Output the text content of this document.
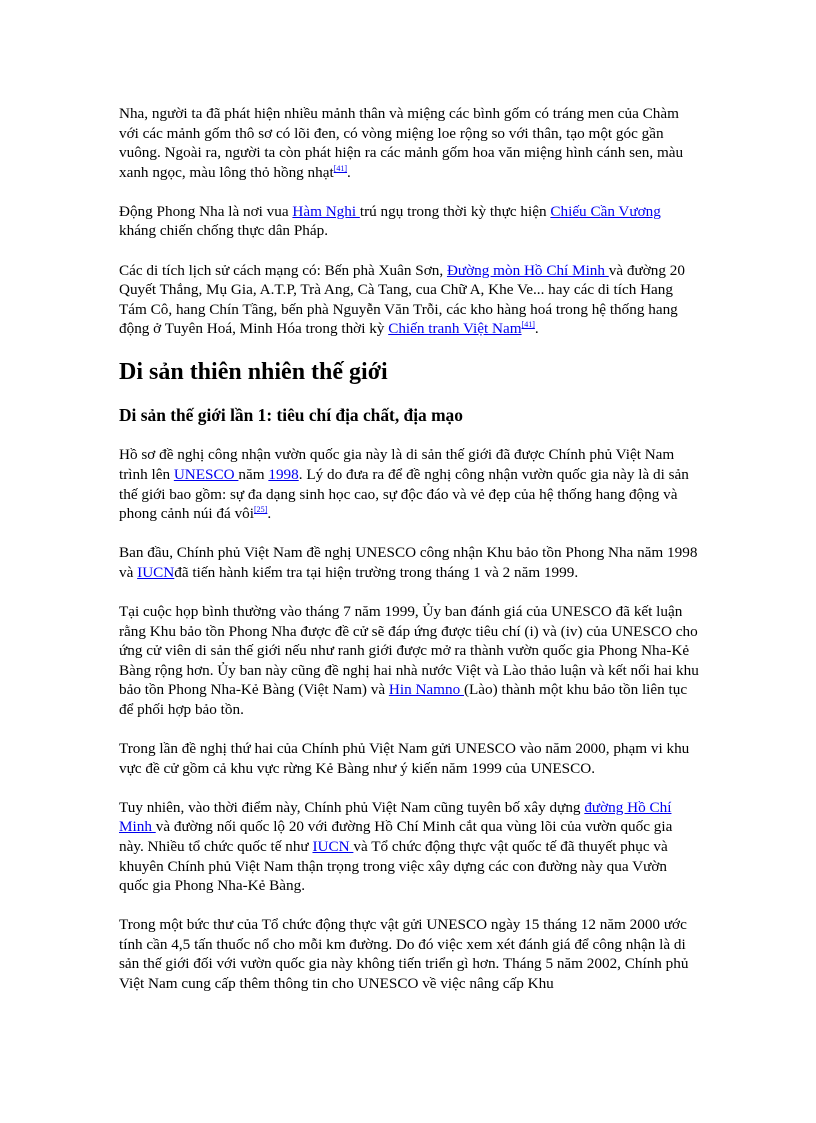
Nha, người ta đã phát hiện nhiều mảnh thân và miệng các bình gốm có tráng men của Chàm với các mảnh gốm thô sơ có lõi đen, có vòng miệng loe rộng so với thân, tạo một góc gần vuông. Ngoài ra, người ta còn phát hiện ra các mảnh gốm hoa văn miệng hình cánh sen, màu xanh ngọc, màu lông thỏ hồng nhạt[41].

Động Phong Nha là nơi vua Hàm Nghi trú ngụ trong thời kỳ thực hiện Chiếu Cần Vương kháng chiến chống thực dân Pháp.

Các di tích lịch sử cách mạng có: Bến phà Xuân Sơn, Đường mòn Hồ Chí Minh và đường 20 Quyết Thắng, Mụ Gia, A.T.P, Trà Ang, Cà Tang, cua Chữ A, Khe Ve... hay các di tích Hang Tám Cô, hang Chín Tầng, bến phà Nguyễn Văn Trỗi, các kho hàng hoá trong hệ thống hang động ở Tuyên Hoá, Minh Hóa trong thời kỳ Chiến tranh Việt Nam[41].

Di sản thiên nhiên thế giới
Di sản thế giới lần 1: tiêu chí địa chất, địa mạo

Hồ sơ đề nghị công nhận vườn quốc gia này là di sản thế giới đã được Chính phủ Việt Nam trình lên UNESCO năm 1998. Lý do đưa ra để đề nghị công nhận vườn quốc gia này là di sản thế giới bao gồm: sự đa dạng sinh học cao, sự độc đáo và vẻ đẹp của hệ thống hang động và phong cảnh núi đá vôi[25].

Ban đầu, Chính phủ Việt Nam đề nghị UNESCO công nhận Khu bảo tồn Phong Nha năm 1998 và IUCNđã tiến hành kiểm tra tại hiện trường trong tháng 1 và 2 năm 1999.

Tại cuộc họp bình thường vào tháng 7 năm 1999, Ủy ban đánh giá của UNESCO đã kết luận rằng Khu bảo tồn Phong Nha được đề cử sẽ đáp ứng được tiêu chí (i) và (iv) của UNESCO cho ứng cử viên di sản thế giới nếu như ranh giới được mở ra thành vườn quốc gia Phong Nha-Kẻ Bàng rộng hơn. Ủy ban này cũng đề nghị hai nhà nước Việt và Lào thảo luận và kết nối hai khu bảo tồn Phong Nha-Kẻ Bàng (Việt Nam) và Hin Namno (Lào) thành một khu bảo tồn liên tục để phối hợp bảo tồn.

Trong lần đề nghị thứ hai của Chính phủ Việt Nam gửi UNESCO vào năm 2000, phạm vi khu vực đề cử gồm cả khu vực rừng Kẻ Bàng như ý kiến năm 1999 của UNESCO.

Tuy nhiên, vào thời điểm này, Chính phủ Việt Nam cũng tuyên bố xây dựng đường Hồ Chí Minh và đường nối quốc lộ 20 với đường Hồ Chí Minh cắt qua vùng lõi của vườn quốc gia này. Nhiều tổ chức quốc tế như IUCN và Tổ chức động thực vật quốc tế đã thuyết phục và khuyên Chính phủ Việt Nam thận trọng trong việc xây dựng các con đường này qua Vườn quốc gia Phong Nha-Kẻ Bàng.

Trong một bức thư của Tổ chức động thực vật gửi UNESCO ngày 15 tháng 12 năm 2000 ước tính cần 4,5 tấn thuốc nổ cho mỗi km đường. Do đó việc xem xét đánh giá để công nhận là di sản thế giới đối với vườn quốc gia này không tiến triển gì hơn. Tháng 5 năm 2002, Chính phủ Việt Nam cung cấp thêm thông tin cho UNESCO về việc nâng cấp Khu
